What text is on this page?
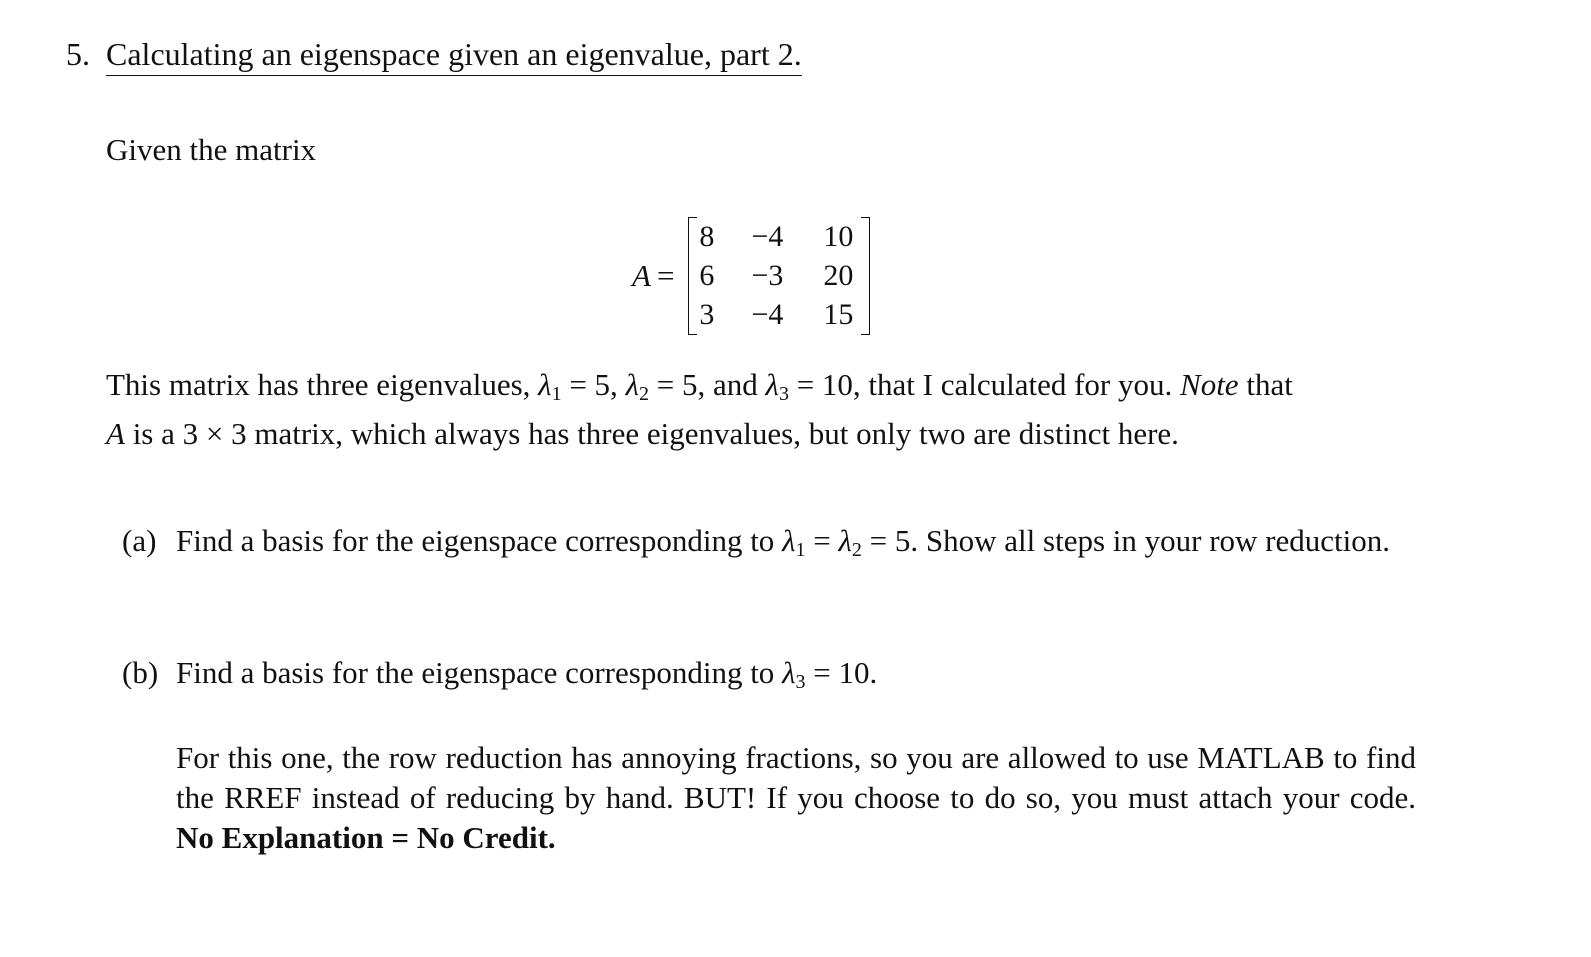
5. Calculating an eigenspace given an eigenvalue, part 2.
Given the matrix
A =
8	−4	10
6	−3	20
3	−4	15

This matrix has three eigenvalues, $\lambda_1 = 5$, $\lambda_2 = 5$, and $\lambda_3 = 10$, that I calculated for you. Note that

A is a 3 × 3 matrix, which always has three eigenvalues, but only two are distinct here.

(a) Find a basis for the eigenspace corresponding to $\lambda_1 = \lambda_2 = 5$. Show all steps in your row reduction.
(b) Find a basis for the eigenspace corresponding to $\lambda_3 = 10$.
For this one, the row reduction has annoying fractions, so you are allowed to use MATLAB to find the RREF instead of reducing by hand. BUT! If you choose to do so, you must attach your code. No Explanation = No Credit.
